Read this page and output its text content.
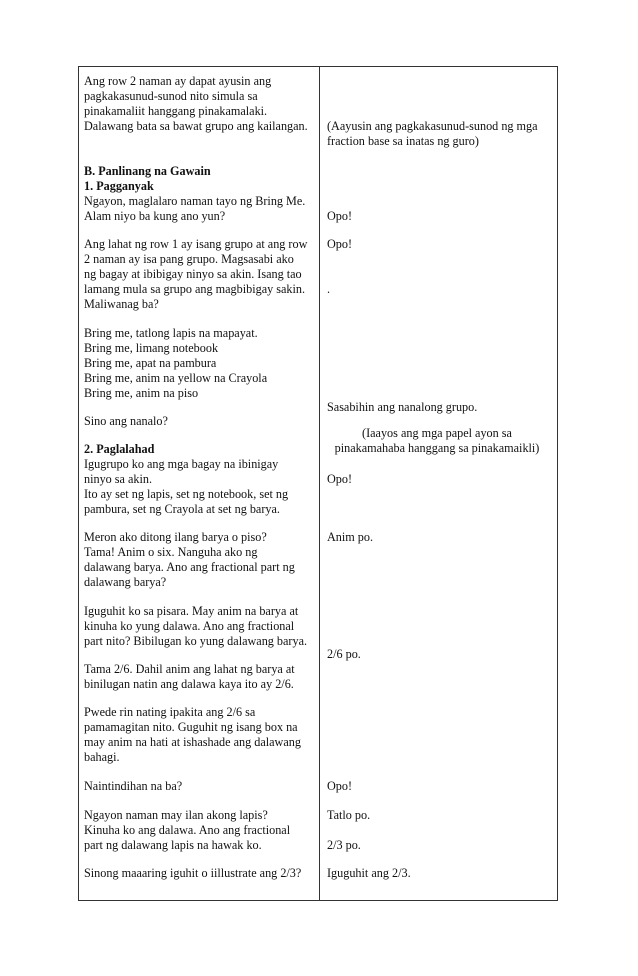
Ang row 2 naman ay dapat ayusin ang
pagkakasunud-sunod nito simula sa
pinakamaliit hanggang pinakamalaki.
Dalawang bata sa bawat grupo ang kailangan.
B. Panlinang na Gawain
1. Pagganyak
Ngayon, maglalaro naman tayo ng Bring Me.
Alam niyo ba kung ano yun?
Ang lahat ng row 1 ay isang grupo at ang row
2 naman ay isa pang grupo. Magsasabi ako
ng bagay at ibibigay ninyo sa akin. Isang tao
lamang mula sa grupo ang magbibigay sakin.
Maliwanag ba?
Bring me, tatlong lapis na mapayat.
Bring me, limang notebook
Bring me, apat na pambura
Bring me, anim na yellow na Crayola
Bring me, anim na piso
Sino ang nanalo?
2. Paglalahad
Igugrupo ko ang mga bagay na ibinigay
ninyo sa akin.
Ito ay set ng lapis, set ng notebook, set ng
pambura, set ng Crayola at set ng barya.
Meron ako ditong ilang barya o piso?
Tama! Anim o six. Nanguha ako ng
dalawang barya. Ano ang fractional part ng
dalawang barya?
Iguguhit ko sa pisara. May anim na barya at
kinuha ko yung dalawa. Ano ang fractional
part nito? Bibilugan ko yung dalawang barya.
Tama 2/6. Dahil anim ang lahat ng barya at
binilugan natin ang dalawa kaya ito ay 2/6.
Pwede rin nating ipakita ang 2/6 sa
pamamagitan nito. Guguhit ng isang box na
may anim na hati at ishashade ang dalawang
bahagi.
Naintindihan na ba?
Ngayon naman may ilan akong lapis?
Kinuha ko ang dalawa. Ano ang fractional
part ng dalawang lapis na hawak ko.
Sinong maaaring iguhit o iillustrate ang 2/3?
(Aayusin ang pagkakasunud-sunod ng mga
fraction base sa inatas ng guro)
Opo!
Opo!
.
Sasabihin ang nanalong grupo.
(Iaayos ang mga papel ayon sa
pinakamahaba hanggang sa pinakamaikli)
Opo!
Anim po.
2/6 po.
Opo!
Tatlo po.
2/3 po.
Iguguhit ang 2/3.
